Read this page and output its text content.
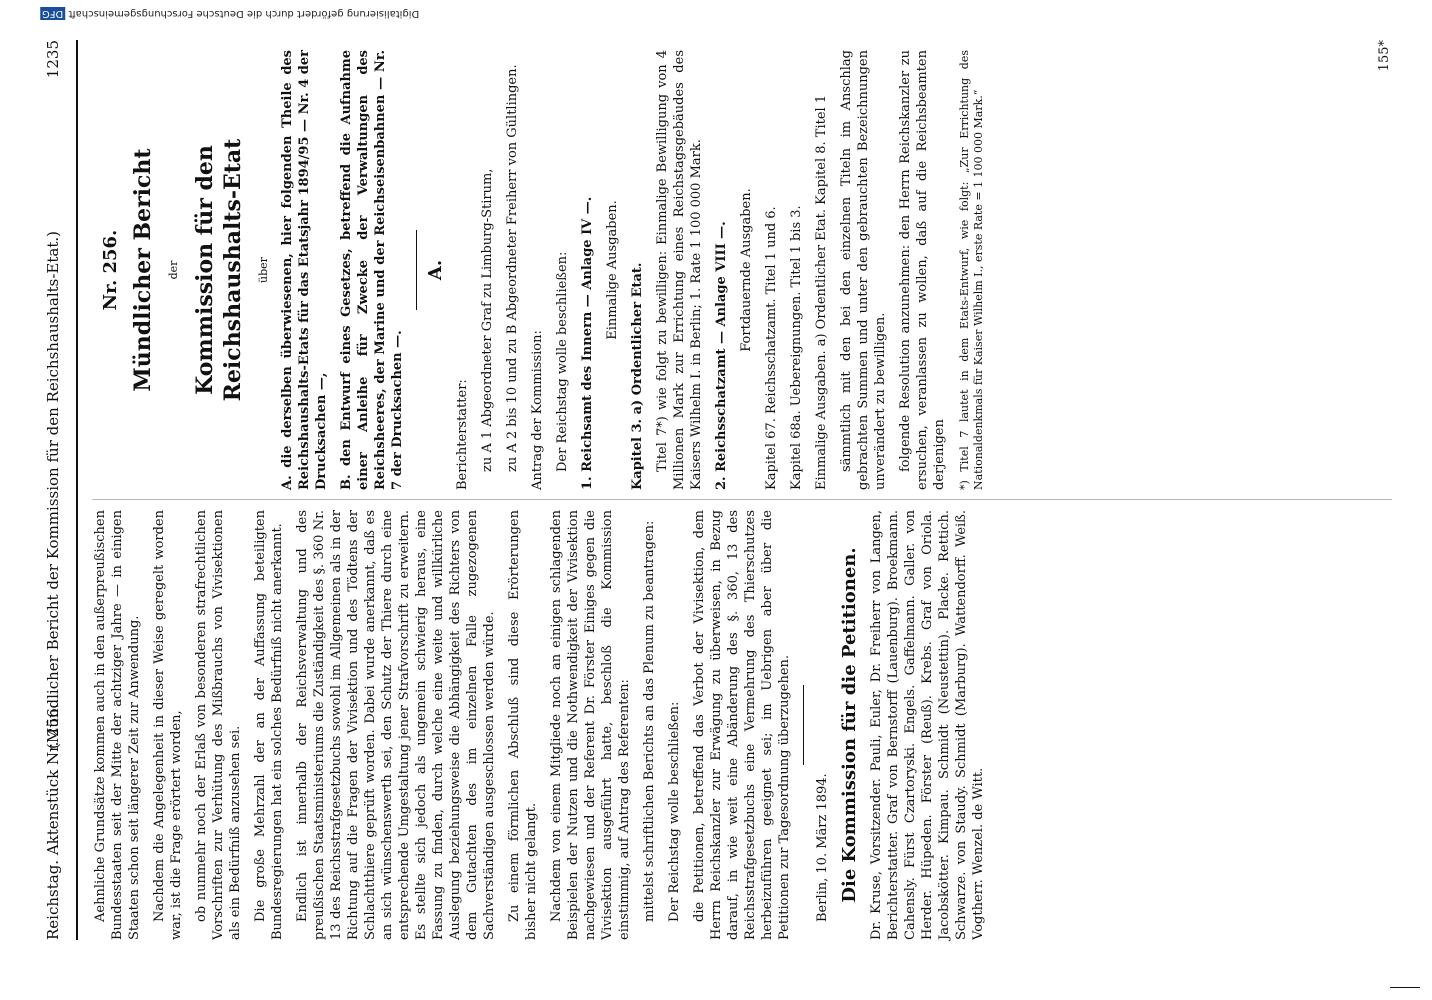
Reichstag. Aktenstück Nr. 256.
(Mündlicher Bericht der Kommission für den Reichshaushalts-Etat.)
1235

Aehnliche Grundsätze kommen auch in den außerpreußischen Bundesstaaten seit der Mitte der achtziger Jahre — in einigen Staaten schon seit längerer Zeit zur Anwendung. Nachdem die Angelegenheit in dieser Weise geregelt worden war, ist die Frage erörtert worden, ob nunmehr noch der Erlaß von besonderen strafrechtlichen Vorschriften zur Verhütung des Mißbrauchs von Vivisektionen als ein Bedürfniß anzusehen sei. Die große Mehrzahl der an der Auffassung beteiligten Bundesregierungen hat ein solches Bedürfniß nicht anerkannt. Endlich ist innerhalb der Reichsverwaltung und des preußischen Staatsministeriums die Zuständigkeit des §. 360 Nr. 13 des Reichsstrafgesetzbuchs sowohl im Allgemeinen als in der Richtung auf die Fragen der Vivisektion und des Tödtens der Schlachtthiere geprüft worden. Dabei wurde anerkannt, daß es an sich wünschenswerth sei, den Schutz der Thiere durch eine entsprechende Umgestaltung jener Strafvorschrift zu erweitern. Es stellte sich jedoch als ungemein schwierig heraus, eine Fassung zu finden, durch welche eine weite und willkürliche Auslegung beziehungsweise die Abhängigkeit des Richters von dem Gutachten des im einzelnen Falle zugezogenen Sachverständigen ausgeschlossen werden würde. Zu einem förmlichen Abschluß sind diese Erörterungen bisher nicht gelangt. Nachdem von einem Mitgliede noch an einigen schlagenden Beispielen der Nutzen und die Nothwendigkeit der Vivisektion nachgewiesen und der Referent Dr. Förster Einiges gegen die Vivisektion ausgeführt hatte, beschloß die Kommission einstimmig, auf Antrag des Referenten: mittelst schriftlichen Berichts an das Plenum zu beantragen: Der Reichstag wolle beschließen: die Petitionen, betreffend das Verbot der Vivisektion, dem Herrn Reichskanzler zur Erwägung zu überweisen, in Bezug darauf, in wie weit eine Abänderung des §. 360, 13 des Reichsstrafgesetzbuchs eine Vermehrung des Thierschutzes herbeizuführen geeignet sei; im Uebrigen aber über die Petitionen zur Tagesordnung überzugehen. Berlin, 10. März 1894. Die Kommission für die Petitionen. Dr. Kruse, Vorsitzender. Pauli, Euler, Dr. Freiherr von Langen, Berichterstatter. Graf von Bernstorff (Lauenburg). Broekmann. Cahensly. Fürst Czartoryski. Engels. Gaffelmann. Galler. von Herder. Hüpeden. Förster (Reuß). Krebs. Graf von Oriola. Jacobskötter. Kimpau. Schmidt (Neustettin). Placke. Rettich. Schwarze. von Staudy. Schmidt (Marburg). Wattendorff. Weiß. Vogtherr. Wenzel. de Witt.

Nr. 256. Mündlicher Bericht der Kommission für den Reichshaushalts-Etat über A. die derselben überwiesenen, hier folgenden Theile des Reichshaushalts-Etats für das Etatsjahr 1894/95 — Nr. 4 der Drucksachen —, B. den Entwurf eines Gesetzes, betreffend die Aufnahme einer Anleihe für Zwecke der Verwaltungen des Reichsheeres, der Marine und der Reichseisenbahnen — Nr. 7 der Drucksachen —.

A.

Berichterstatter: zu A 1 Abgeordneter Graf zu Limburg-Stirum, zu A 2 bis 10 und zu B Abgeordneter Freiherr von Gültlingen. Antrag der Kommission: Der Reichstag wolle beschließen: 1. Reichsamt des Innern — Anlage IV —. Einmalige Ausgaben. Kapitel 3. a) Ordentlicher Etat. Titel 7*) wie folgt zu bewilligen: Einmalige Bewilligung von 4 Millionen Mark zur Errichtung eines Reichstagsgebäudes des Kaisers Wilhelm I. in Berlin; 1. Rate 1 100 000 Mark. 2. Reichsschatzamt — Anlage VIII —. Fortdauernde Ausgaben. Kapitel 67. Reichsschatzamt. Titel 1 und 6. Kapitel 68a. Uebereignungen. Titel 1 bis 3. Einmalige Ausgaben. a) Ordentlicher Etat. Kapitel 8. Titel 1 sämmtlich mit den bei den einzelnen Titeln im Anschlag gebrachten Summen und unter den gebrauchten Bezeichnungen unverändert zu bewilligen. folgende Resolution anzunehmen: den Herrn Reichskanzler zu ersuchen, veranlassen zu wollen, daß auf die Reichsbeamten derjenigen *) Titel 7 lautet in dem Etats-Entwurf, wie folgt: „Zur Errichtung des Nationaldenkmals für Kaiser Wilhelm I., erste Rate = 1 100 000 Mark.“

155*
Digitalisierung gefördert durch die Deutsche Forschungsgemeinschaft DFG
